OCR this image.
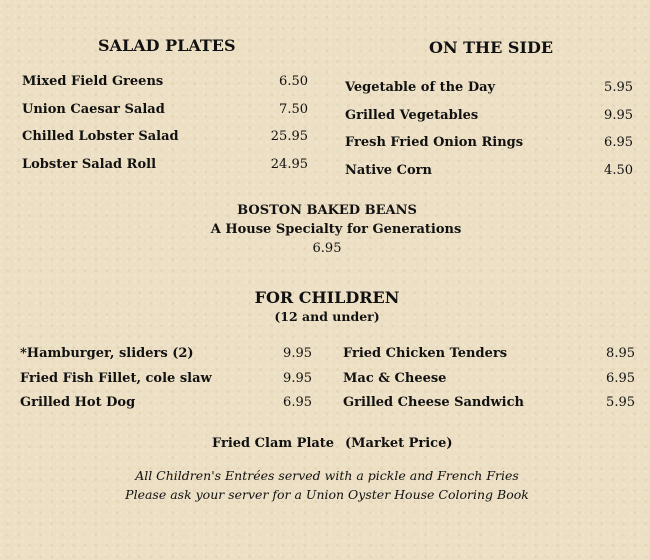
SALAD PLATES
Mixed Field Greens	6.50
Union Caesar Salad	7.50
Chilled Lobster Salad	25.95
Lobster Salad Roll	24.95
ON THE SIDE
Vegetable of the Day	5.95
Grilled Vegetables	9.95
Fresh Fried Onion Rings	6.95
Native Corn	4.50
BOSTON BAKED BEANS
A House Specialty for Generations
6.95
FOR CHILDREN
(12 and under)
*Hamburger, sliders (2)	9.95
Fried Fish Fillet, cole slaw	9.95
Grilled Hot Dog	6.95
Fried Chicken Tenders	8.95
Mac & Cheese	6.95
Grilled Cheese Sandwich	5.95
Fried Clam Plate (Market Price)
All Children's Entrées served with a pickle and French Fries
Please ask your server for a Union Oyster House Coloring Book
